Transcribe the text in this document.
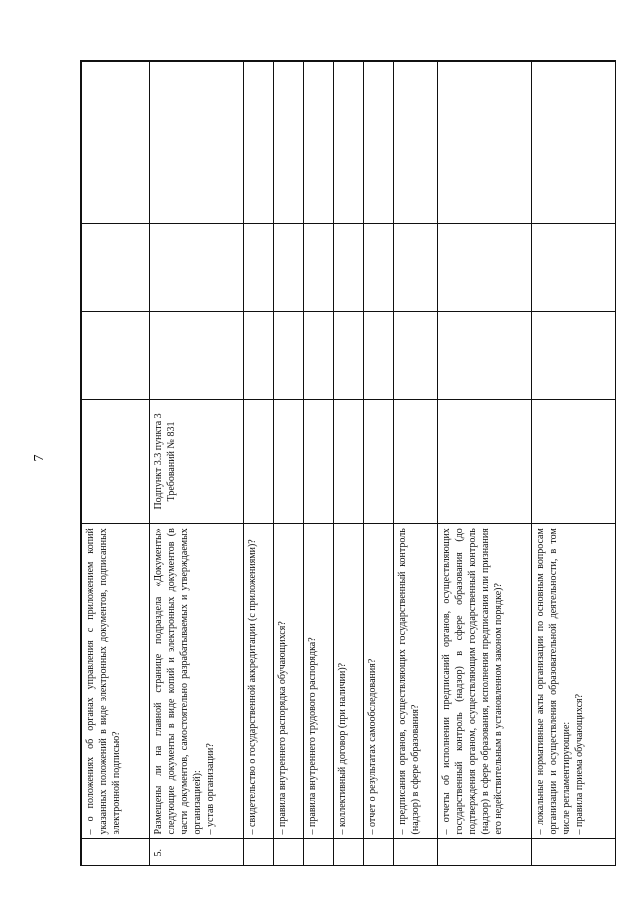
7

	– о положениях об органах управления с приложением копий указанных положений в виде электронных документов, подписанных электронной подписью?				

5.	Размещены ли на главной странице подраздела «Документы» следующие документы в виде копий и электронных документов (в части документов, самостоятельно разрабатываемых и утверждаемых организацией): – устав организации?	Подпункт 3.3 пункта 3 Требований № 831			

	– свидетельство о государственной аккредитации (с приложениями)?				

	– правила внутреннего распорядка обучающихся?				

	– правила внутреннего трудового распорядка?				

	– коллективный договор (при наличии)?				

	– отчет о результатах самообследования?				

	– предписания органов, осуществляющих государственный контроль (надзор) в сфере образования?				

	– отчеты об исполнении предписаний органов, осуществляющих государственный контроль (надзор) в сфере образования (до подтверждения органом, осуществляющим государственный контроль (надзор) в сфере образования, исполнения предписания или признания его недействительным в установленном законом порядке)?				

	– локальные нормативные акты организации по основным вопросам организации и осуществления образовательной деятельности, в том числе регламентирующие: – правила приема обучающихся?				
